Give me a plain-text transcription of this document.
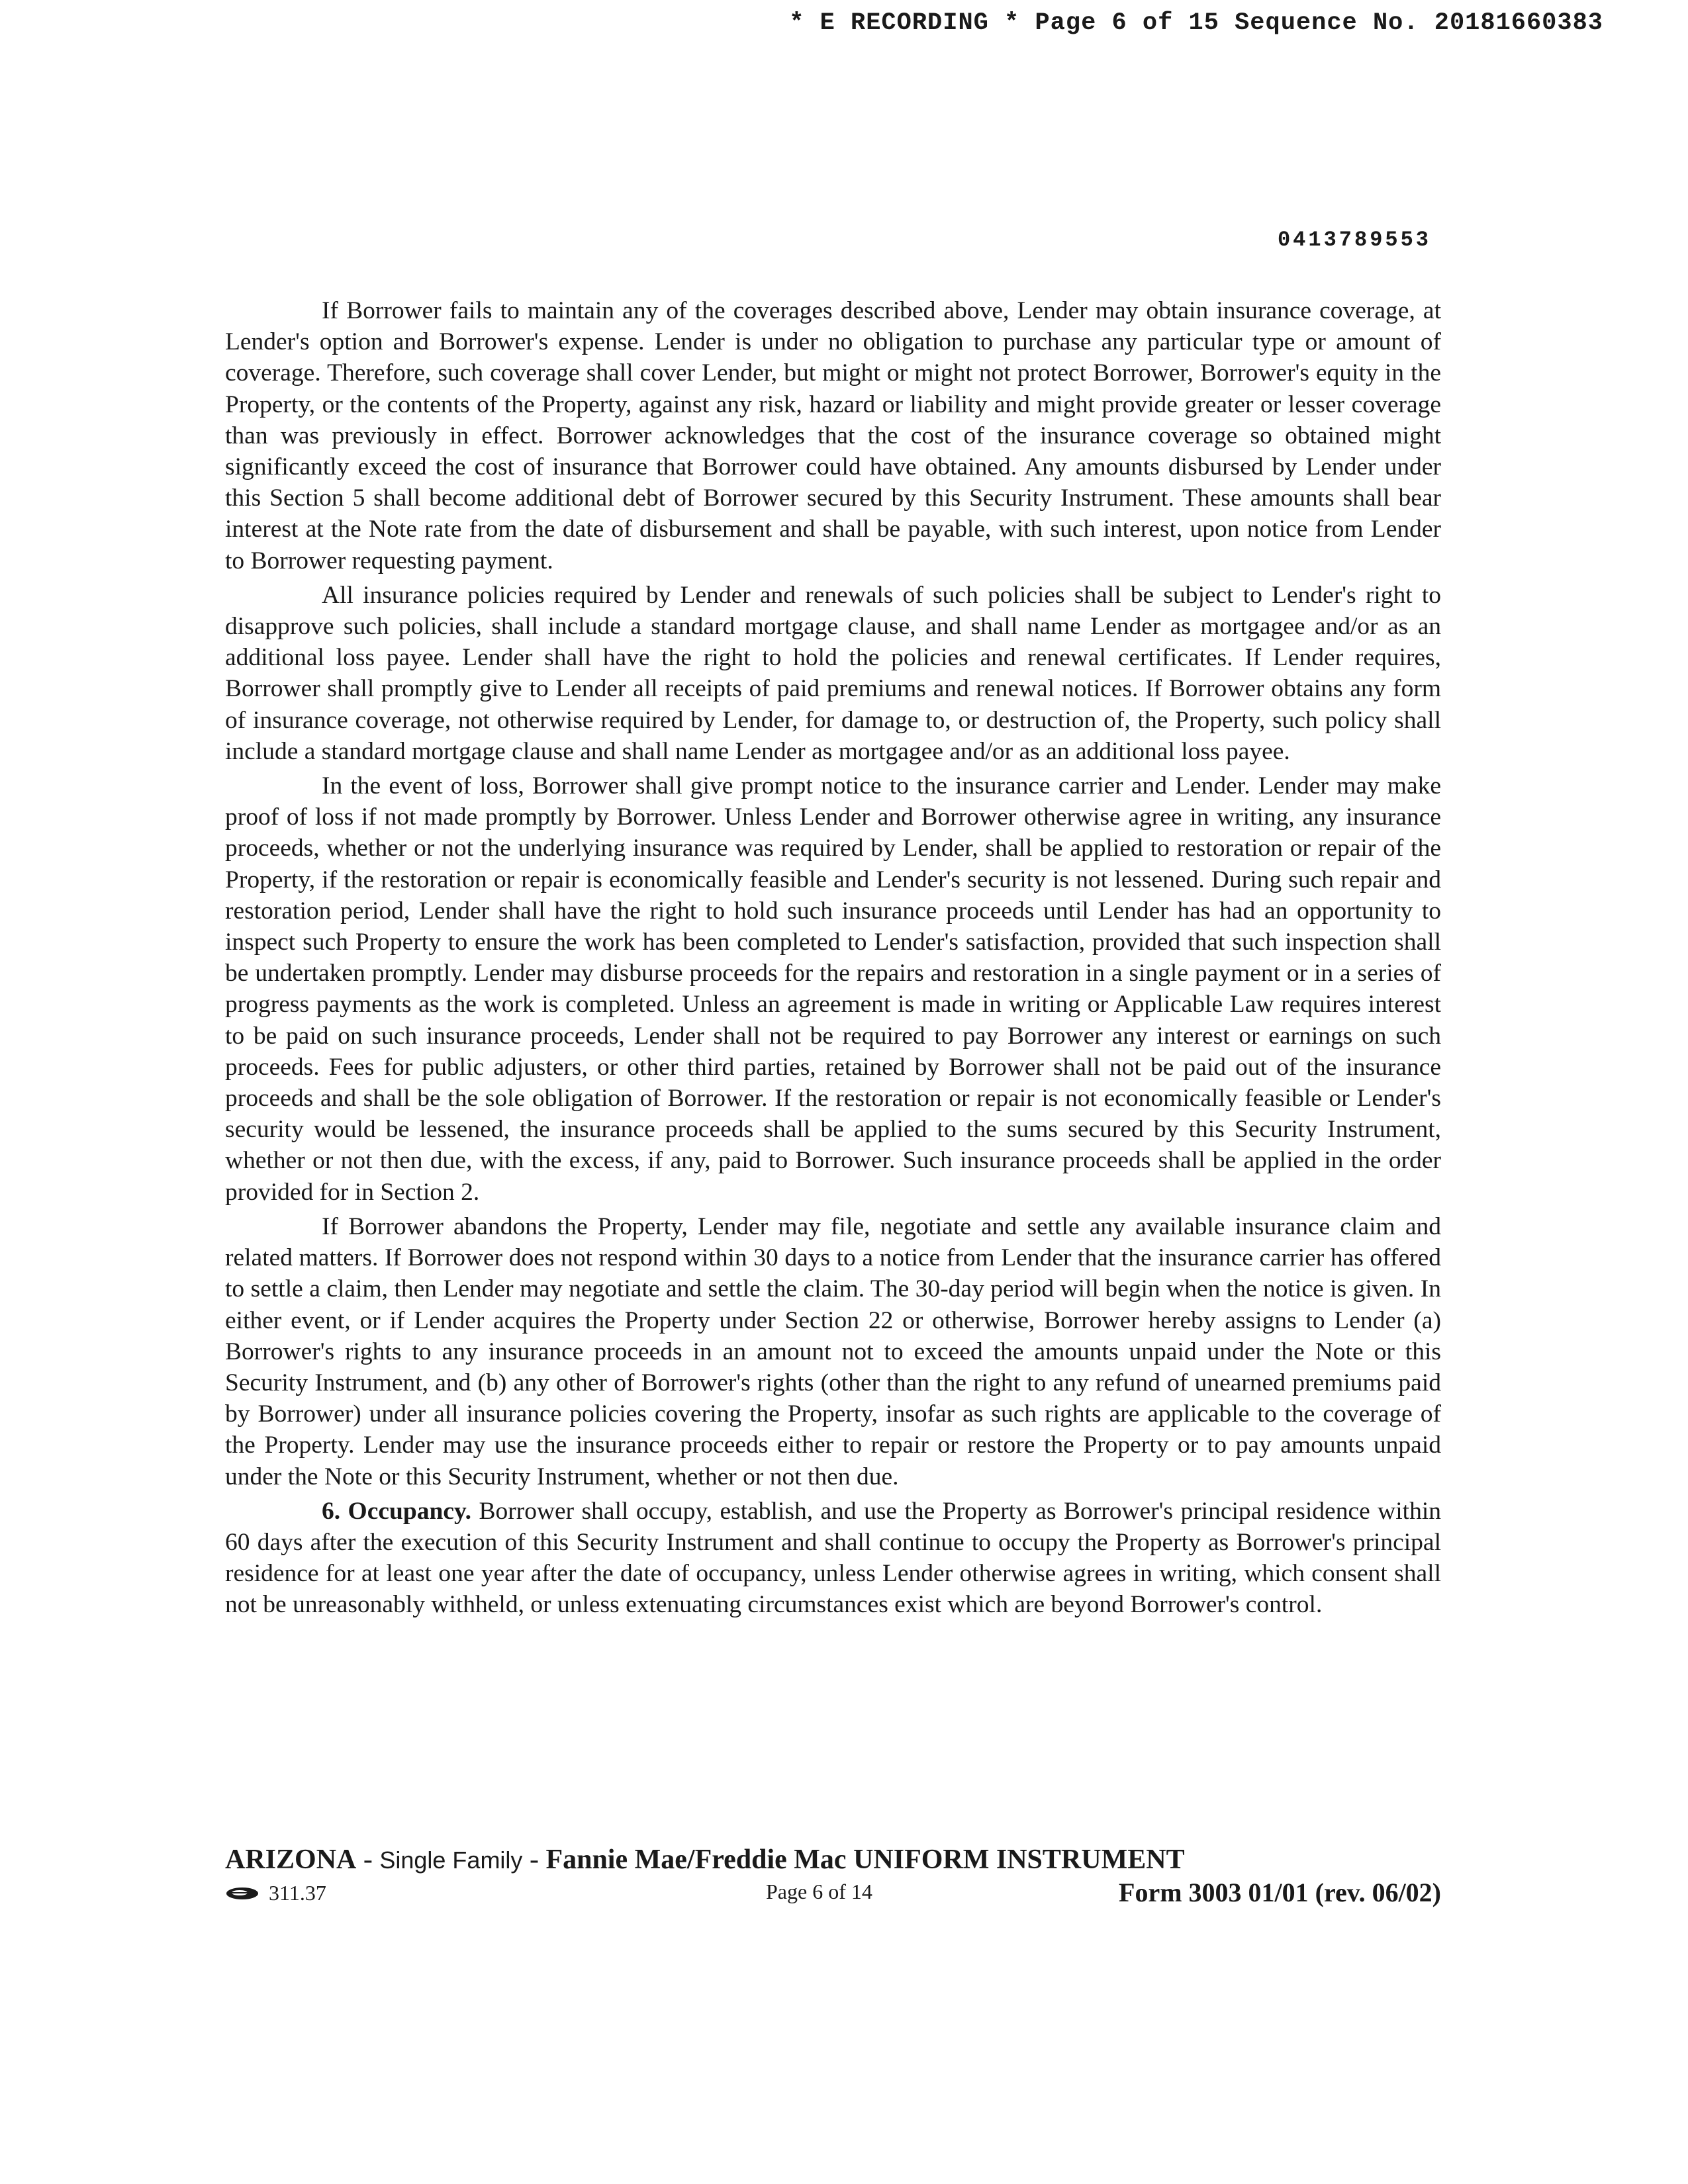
* E RECORDING * Page 6 of 15 Sequence No. 20181660383
0413789553

If Borrower fails to maintain any of the coverages described above, Lender may obtain insurance coverage, at Lender's option and Borrower's expense. Lender is under no obligation to purchase any particular type or amount of coverage. Therefore, such coverage shall cover Lender, but might or might not protect Borrower, Borrower's equity in the Property, or the contents of the Property, against any risk, hazard or liability and might provide greater or lesser coverage than was previously in effect. Borrower acknowledges that the cost of the insurance coverage so obtained might significantly exceed the cost of insurance that Borrower could have obtained. Any amounts disbursed by Lender under this Section 5 shall become additional debt of Borrower secured by this Security Instrument. These amounts shall bear interest at the Note rate from the date of disbursement and shall be payable, with such interest, upon notice from Lender to Borrower requesting payment.

All insurance policies required by Lender and renewals of such policies shall be subject to Lender's right to disapprove such policies, shall include a standard mortgage clause, and shall name Lender as mortgagee and/or as an additional loss payee. Lender shall have the right to hold the policies and renewal certificates. If Lender requires, Borrower shall promptly give to Lender all receipts of paid premiums and renewal notices. If Borrower obtains any form of insurance coverage, not otherwise required by Lender, for damage to, or destruction of, the Property, such policy shall include a standard mortgage clause and shall name Lender as mortgagee and/or as an additional loss payee.

In the event of loss, Borrower shall give prompt notice to the insurance carrier and Lender. Lender may make proof of loss if not made promptly by Borrower. Unless Lender and Borrower otherwise agree in writing, any insurance proceeds, whether or not the underlying insurance was required by Lender, shall be applied to restoration or repair of the Property, if the restoration or repair is economically feasible and Lender's security is not lessened. During such repair and restoration period, Lender shall have the right to hold such insurance proceeds until Lender has had an opportunity to inspect such Property to ensure the work has been completed to Lender's satisfaction, provided that such inspection shall be undertaken promptly. Lender may disburse proceeds for the repairs and restoration in a single payment or in a series of progress payments as the work is completed. Unless an agreement is made in writing or Applicable Law requires interest to be paid on such insurance proceeds, Lender shall not be required to pay Borrower any interest or earnings on such proceeds. Fees for public adjusters, or other third parties, retained by Borrower shall not be paid out of the insurance proceeds and shall be the sole obligation of Borrower. If the restoration or repair is not economically feasible or Lender's security would be lessened, the insurance proceeds shall be applied to the sums secured by this Security Instrument, whether or not then due, with the excess, if any, paid to Borrower. Such insurance proceeds shall be applied in the order provided for in Section 2.

If Borrower abandons the Property, Lender may file, negotiate and settle any available insurance claim and related matters. If Borrower does not respond within 30 days to a notice from Lender that the insurance carrier has offered to settle a claim, then Lender may negotiate and settle the claim. The 30-day period will begin when the notice is given. In either event, or if Lender acquires the Property under Section 22 or otherwise, Borrower hereby assigns to Lender (a) Borrower's rights to any insurance proceeds in an amount not to exceed the amounts unpaid under the Note or this Security Instrument, and (b) any other of Borrower's rights (other than the right to any refund of unearned premiums paid by Borrower) under all insurance policies covering the Property, insofar as such rights are applicable to the coverage of the Property. Lender may use the insurance proceeds either to repair or restore the Property or to pay amounts unpaid under the Note or this Security Instrument, whether or not then due.

6. Occupancy. Borrower shall occupy, establish, and use the Property as Borrower's principal residence within 60 days after the execution of this Security Instrument and shall continue to occupy the Property as Borrower's principal residence for at least one year after the date of occupancy, unless Lender otherwise agrees in writing, which consent shall not be unreasonably withheld, or unless extenuating circumstances exist which are beyond Borrower's control.

ARIZONA - Single Family - Fannie Mae/Freddie Mac UNIFORM INSTRUMENT
311.37	Page 6 of 14	Form 3003 01/01 (rev. 06/02)
